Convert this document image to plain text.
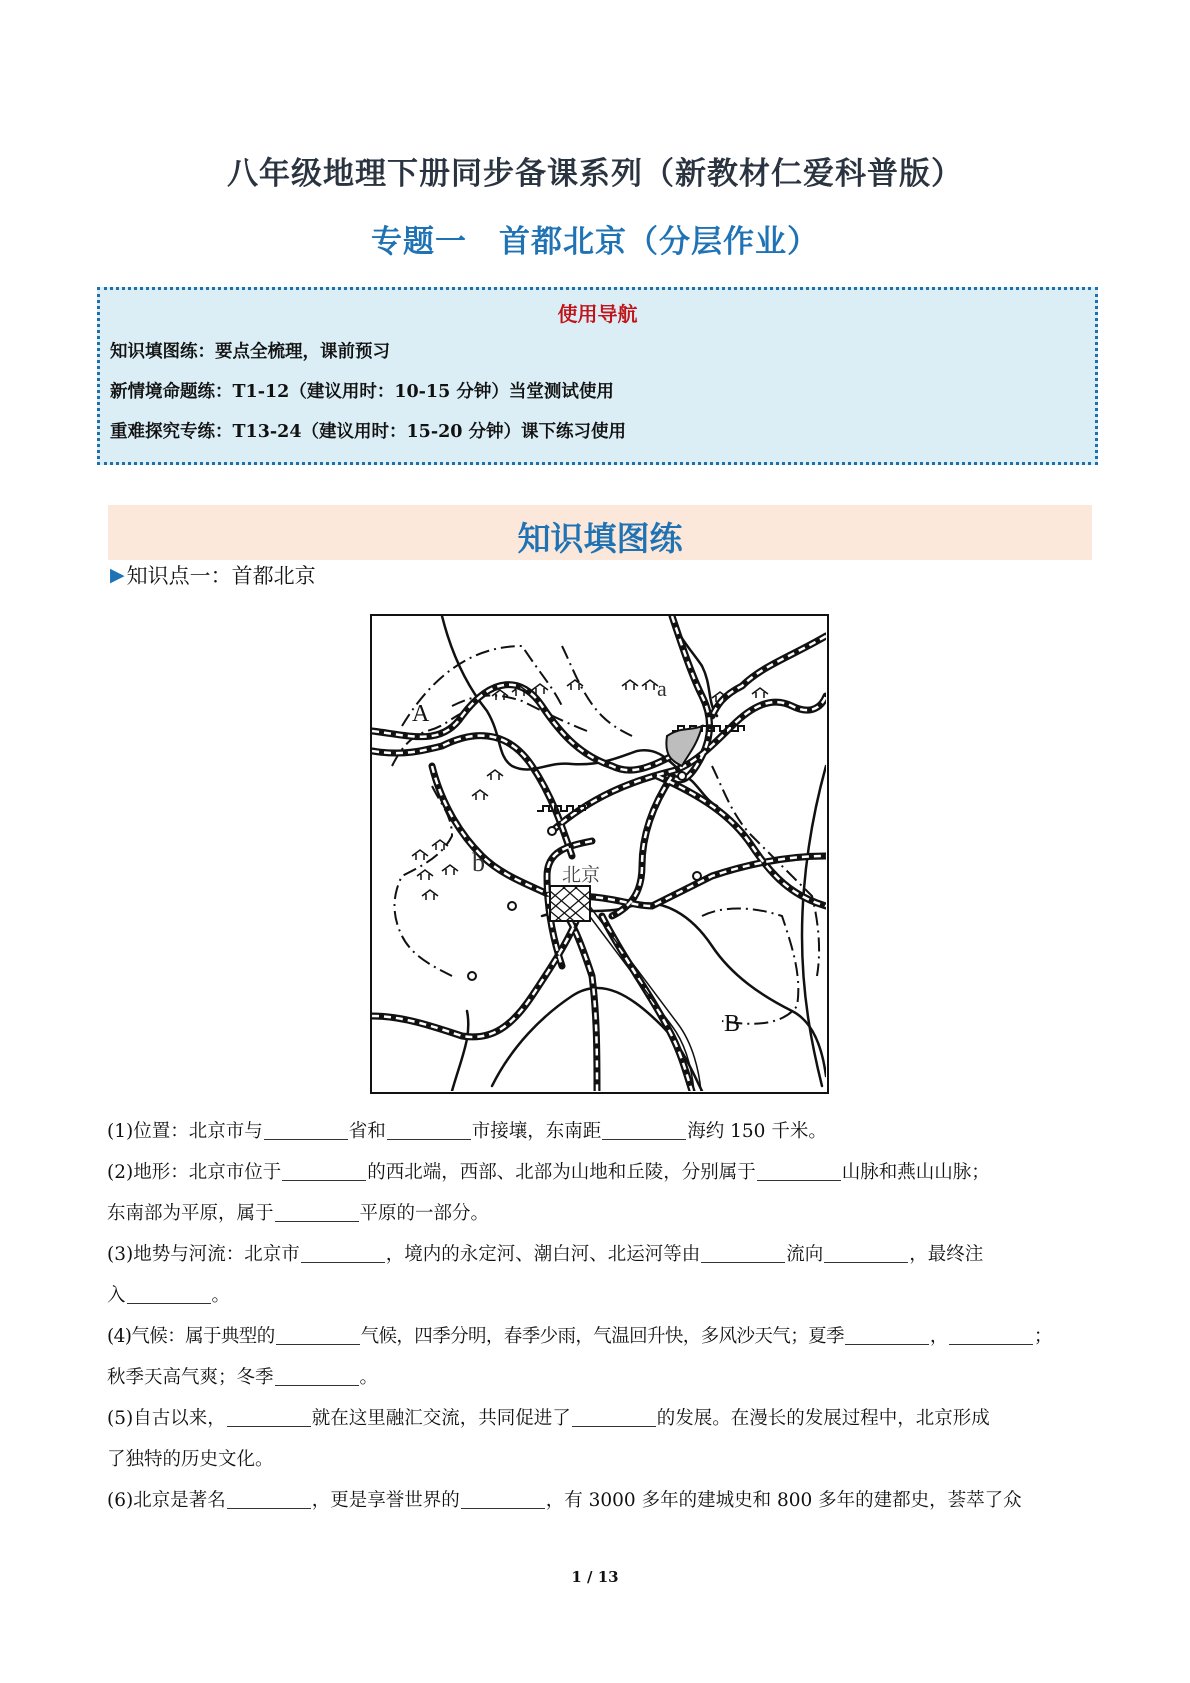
八年级地理下册同步备课系列（新教材仁爱科普版）
专题一　首都北京（分层作业）
使用导航
知识填图练：要点全梳理，课前预习
新情境命题练：T1-12（建议用时：10-15 分钟）当堂测试使用
重难探究专练：T13-24（建议用时：15-20 分钟）课下练习使用
知识填图练
▶ 知识点一：首都北京
A
B
a
b	北京
(1)位置：北京市与	省和	市接壤，东南距	海约 150 千米。
(2)地形：北京市位于	的西北端，西部、北部为山地和丘陵，分别属于	山脉和燕山山脉；
东南部为平原，属于	平原的一部分。
(3)地势与河流：北京市	，境内的永定河、潮白河、北运河等由	流向	，最终注
入	。
(4)气候：属于典型的	气候，四季分明，春季少雨，气温回升快，多风沙天气；夏季	，	；
秋季天高气爽；冬季	。
(5)自古以来，	就在这里融汇交流，共同促进了	的发展。在漫长的发展过程中，北京形成
了独特的历史文化。
(6)北京是著名	，更是享誉世界的	，有 3000 多年的建城史和 800 多年的建都史，荟萃了众
1 / 13
